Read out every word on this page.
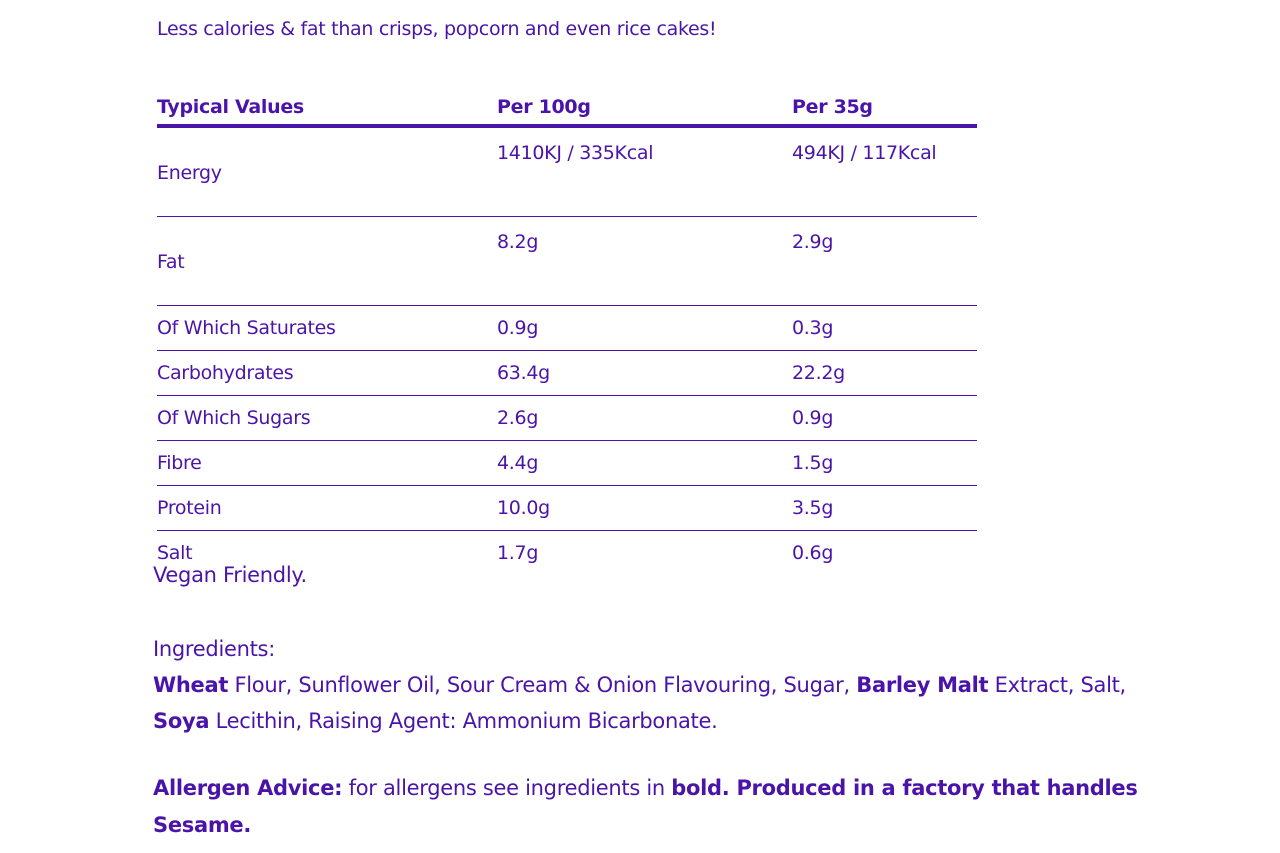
Less calories & fat than crisps, popcorn and even rice cakes!

Typical Values	Per 100g	Per 35g
Energy	1410KJ / 335Kcal	494KJ / 117Kcal
Fat	8.2g	2.9g
Of Which Saturates	0.9g	0.3g
Carbohydrates	63.4g	22.2g
Of Which Sugars	2.6g	0.9g
Fibre	4.4g	1.5g
Protein	10.0g	3.5g
Salt	1.7g	0.6g

Vegan Friendly.

Ingredients:
Wheat Flour, Sunflower Oil, Sour Cream & Onion Flavouring, Sugar, Barley Malt Extract, Salt, Soya Lecithin, Raising Agent: Ammonium Bicarbonate.

Allergen Advice: for allergens see ingredients in bold. Produced in a factory that handles Sesame.
